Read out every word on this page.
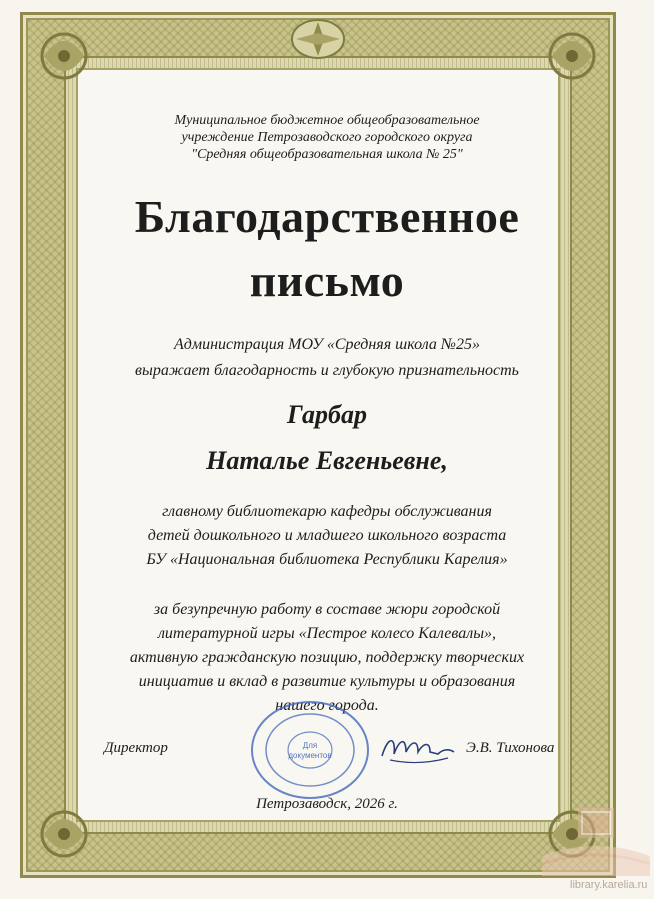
Муниципальное бюджетное общеобразовательное
учреждение Петрозаводского городского округа
"Средняя общеобразовательная школа № 25"
Благодарственное
письмо
Администрация МОУ «Средняя школа №25»
выражает благодарность и глубокую признательность
Гарбар
Наталье Евгеньевне,
главному библиотекарю кафедры обслуживания
детей дошкольного и младшего школьного возраста
БУ «Национальная библиотека Республики Карелия»
за безупречную работу в составе жюри городской
литературной игры «Пестрое колесо Калевалы»,
активную гражданскую позицию, поддержку творческих
инициатив и вклад в развитие культуры и образования
нашего города.
Для
документов
Директор	Э.В. Тихонова
Петрозаводск, 2026 г.
library.karelia.ru
